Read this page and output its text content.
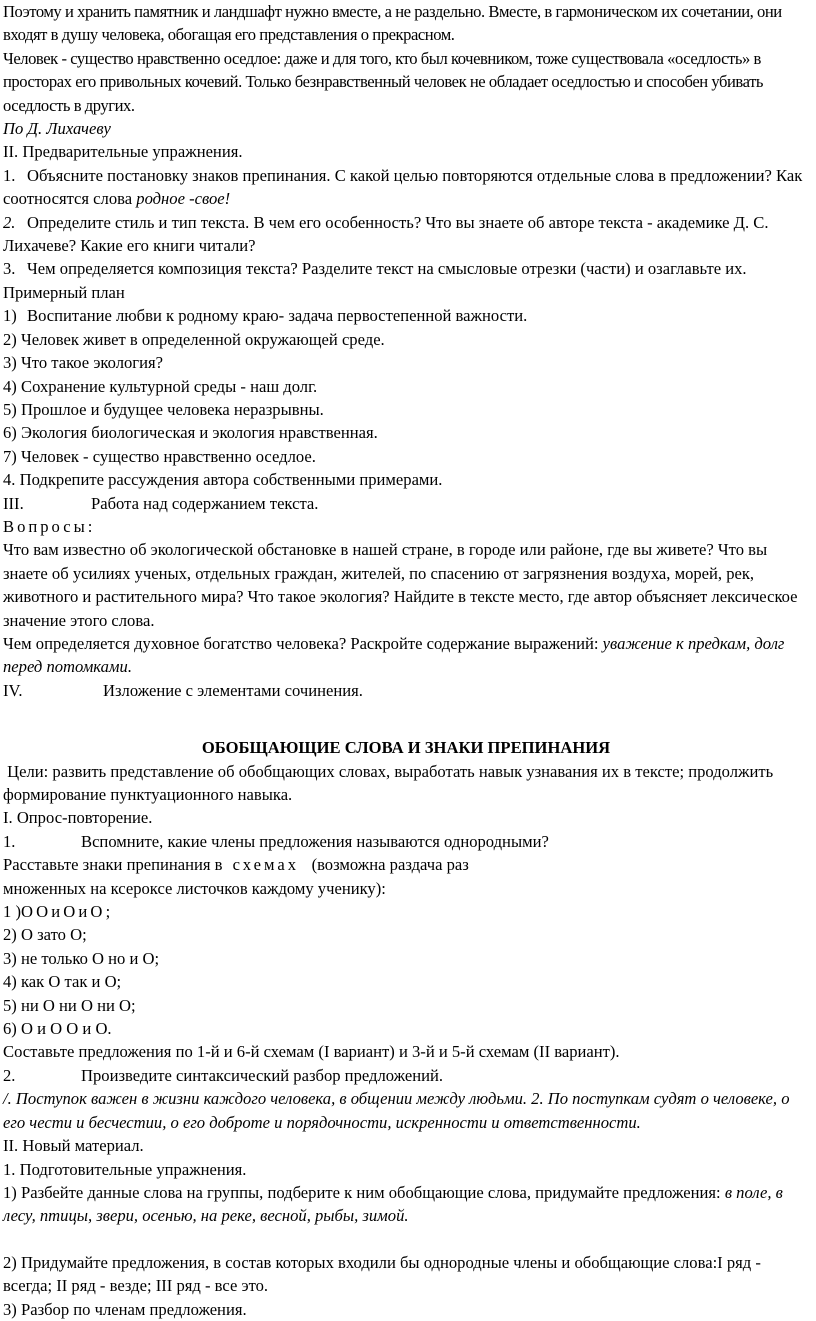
Поэтому и хранить памятник и ландшафт нужно вместе, а не раздельно. Вместе, в гармоническом их сочетании, они входят в душу человека, обогащая его представления о прекрасном.

Человек - существо нравственно оседлое: даже и для того, кто был кочевником, тоже существовала «оседлость» в просторах его привольных кочевий. Только безнравственный человек не обладает оседлостью и способен убивать оседлость в других.

По Д. Лихачеву

II. Предварительные упражнения.

1. Объясните постановку знаков препинания. С какой целью повторяются отдельные слова в предложении? Как соотносятся слова родное -свое!

2. Определите стиль и тип текста. В чем его особенность? Что вы знаете об авторе текста - академике Д. С. Лихачеве? Какие его книги читали?

3. Чем определяется композиция текста? Разделите текст на смысловые отрезки (части) и озаглавьте их.

Примерный план

1) Воспитание любви к родному краю- задача первостепенной важности.

2) Человек живет в определенной окружающей среде.

3) Что такое экология?

4) Сохранение культурной среды - наш долг.

5) Прошлое и будущее человека неразрывны.

6) Экология биологическая и экология нравственная.

7) Человек - существо нравственно оседлое.

4. Подкрепите рассуждения автора собственными примерами.

III.	Работа над содержанием текста.

Вопросы:

Что вам известно об экологической обстановке в нашей стране, в городе или районе, где вы живете? Что вы знаете об усилиях ученых, отдельных граждан, жителей, по спасению от загрязнения воздуха, морей, рек, животного и растительного мира? Что такое экология? Найдите в тексте место, где автор объясняет лексическое значение этого слова.

Чем определяется духовное богатство человека? Раскройте содержание выражений: уважение к предкам, долг перед потомками.

IV.	Изложение с элементами сочинения.

ОБОБЩАЮЩИЕ СЛОВА И ЗНАКИ ПРЕПИНАНИЯ

Цели: развить представление об обобщающих словах, выработать навык узнавания их в тексте; продолжить формирование пунктуационного навыка.

I. Опрос-повторение.

1.	Вспомните, какие члены предложения называются однородными?

Расставьте знаки препинания в схемах (возможна раздача раз

множенных на ксероксе листочков каждому ученику):

1 )О О и О и О ;

2) О зато О;

3) не только О но и О;

4) как О так и О;

5) ни О ни О ни О;

6) О и О О и О.

Составьте предложения по 1-й и 6-й схемам (I вариант) и 3-й и 5-й схемам (II вариант).

2.	Произведите синтаксический разбор предложений.

/. Поступок важен в жизни каждого человека, в общении между людьми. 2. По поступкам судят о человеке, о его чести и бесчестии, о его доброте и порядочности, искренности и ответственности.

II. Новый материал.

1. Подготовительные упражнения.

1) Разбейте данные слова на группы, подберите к ним обобщающие слова, придумайте предложения: в поле, в лесу, птицы, звери, осенью, на реке, весной, рыбы, зимой.

2) Придумайте предложения, в состав которых входили бы однородные члены и обобщающие слова:I ряд - всегда; II ряд - везде; III ряд - все это.

3) Разбор по членам предложения.
